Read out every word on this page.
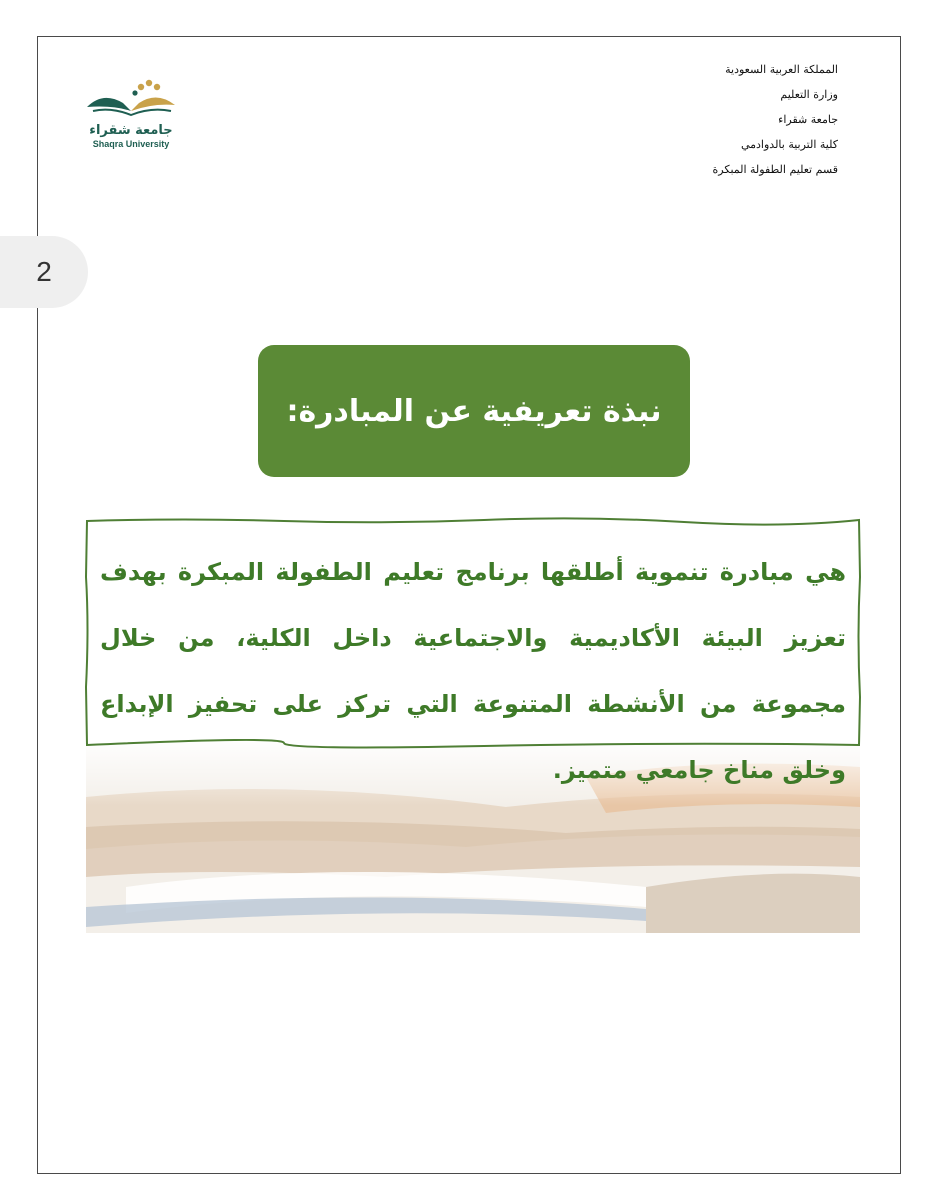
2
المملكة العربية السعودية
وزارة التعليم
جامعة شقراء
كلية التربية بالدوادمي
قسم تعليم الطفولة المبكرة
جامعة شقراء
Shaqra University
نبذة تعريفية عن المبادرة:
هي مبادرة تنموية أطلقها برنامج تعليم الطفولة المبكرة بهدف تعزيز البيئة الأكاديمية والاجتماعية داخل الكلية، من خلال مجموعة من الأنشطة المتنوعة التي تركز على تحفيز الإبداع وخلق مناخ جامعي متميز.
